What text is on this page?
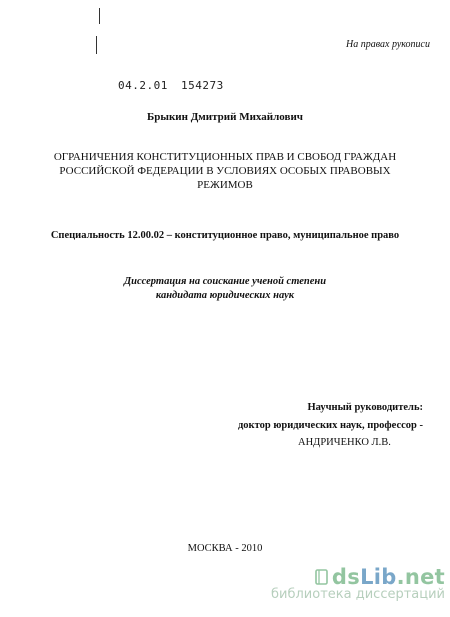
На правах рукописи
04.2.01 154273
Брыкин Дмитрий Михайлович
ОГРАНИЧЕНИЯ КОНСТИТУЦИОННЫХ ПРАВ И СВОБОД ГРАЖДАН
РОССИЙСКОЙ ФЕДЕРАЦИИ В УСЛОВИЯХ ОСОБЫХ ПРАВОВЫХ
РЕЖИМОВ
Специальность 12.00.02 – конституционное право, муниципальное право
Диссертация на соискание ученой степени
кандидата юридических наук
Научный руководитель:
доктор юридических наук, профессор -
АНДРИЧЕНКО Л.В.
МОСКВА - 2010
dsLib.net
библиотека диссертаций
